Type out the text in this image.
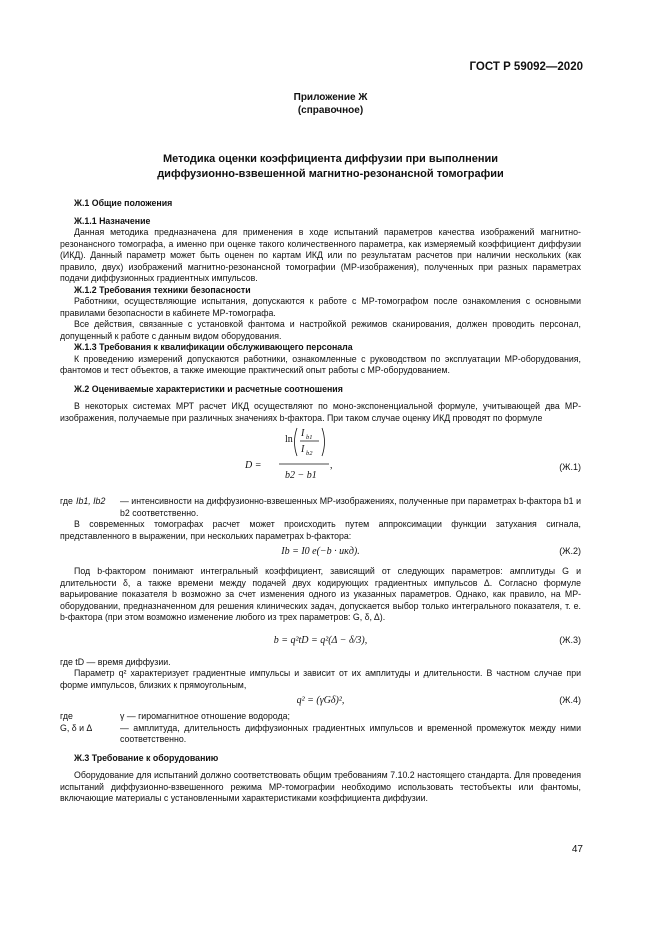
ГОСТ Р 59092—2020
Приложение Ж
(справочное)
Методика оценки коэффициента диффузии при выполнении
диффузионно-взвешенной магнитно-резонансной томографии
Ж.1 Общие положения
Ж.1.1 Назначение

Данная методика предназначена для применения в ходе испытаний параметров качества изображений магнитно-резонансного томографа, а именно при оценке такого количественного параметра, как измеряемый коэффициент диффузии (ИКД). Данный параметр может быть оценен по картам ИКД или по результатам расчетов при наличии нескольких (как правило, двух) изображений магнитно-резонансной томографии (МР-изображения), полученных при разных параметрах подачи диффузионных градиентных импульсов.

Ж.1.2 Требования техники безопасности

Работники, осуществляющие испытания, допускаются к работе с МР-томографом после ознакомления с основными правилами безопасности в кабинете МР-томографа.

Все действия, связанные с установкой фантома и настройкой режимов сканирования, должен проводить персонал, допущенный к работе с данным видом оборудования.

Ж.1.3 Требования к квалификации обслуживающего персонала

К проведению измерений допускаются работники, ознакомленные с руководством по эксплуатации МР-оборудования, фантомов и тест объектов, а также имеющие практический опыт работы с МР-оборудованием.

Ж.2 Оцениваемые характеристики и расчетные соотношения

В некоторых системах МРТ расчет ИКД осуществляют по моно-экспоненциальной формуле, учитывающей два МР-изображения, получаемые при различных значениях b-фактора. При таком случае оценку ИКД проводят по формуле

D =
ln
I b1
I b2
b2 − b1
,	(Ж.1)
где Ib1, Ib2	— интенсивности на диффузионно-взвешенных МР-изображениях, полученные при параметрах b-фактора b1 и b2 соответственно.

В современных томографах расчет может происходить путем аппроксимации функции затухания сигнала, представленного в выражении, при нескольких параметрах b-фактора:

Ib = I0 e(−b · икд).	(Ж.2)

Под b-фактором понимают интегральный коэффициент, зависящий от следующих параметров: амплитуды G и длительности δ, а также времени между подачей двух кодирующих градиентных импульсов Δ. Согласно формуле варьирование показателя b возможно за счет изменения одного из указанных параметров. Однако, как правило, на МР-оборудовании, предназначенном для решения клинических задач, допускается выбор только интегрального показателя, т. е. b-фактора (при этом возможно изменение любого из трех параметров: G, δ, Δ).

b = q²tD = q²(Δ − δ/3),	(Ж.3)

где tD — время диффузии.

Параметр q² характеризует градиентные импульсы и зависит от их амплитуды и длительности. В частном случае при форме импульсов, близких к прямоугольным,

q² = (γGδ)²,	(Ж.4)
где	γ — гиромагнитное отношение водорода;
G, δ и Δ	— амплитуда, длительность диффузионных градиентных импульсов и временной промежуток между ними соответственно.
Ж.3 Требование к оборудованию

Оборудование для испытаний должно соответствовать общим требованиям 7.10.2 настоящего стандарта. Для проведения испытаний диффузионно-взвешенного режима МР-томографии необходимо использовать тестобъекты или фантомы, включающие материалы с установленными характеристиками коэффициента диффузии.

47
